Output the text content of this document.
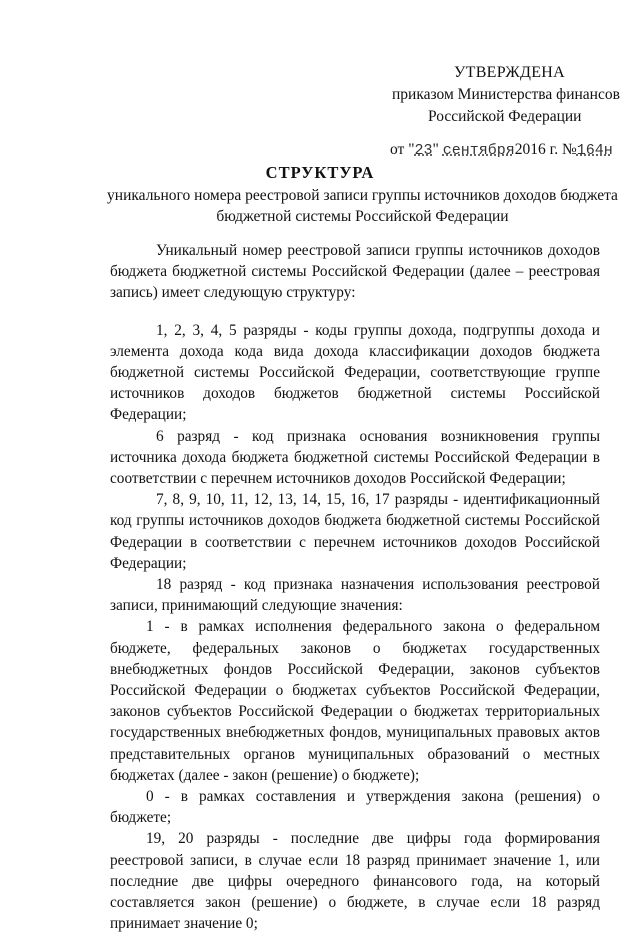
УТВЕРЖДЕНА
приказом Министерства финансов
Российской Федерации
от "23" сентября2016 г. №164н
СТРУКТУРА
уникального номера реестровой записи группы источников доходов бюджета бюджетной системы Российской Федерации

Уникальный номер реестровой записи группы источников доходов бюджета бюджетной системы Российской Федерации (далее – реестровая запись) имеет следующую структуру:

1, 2, 3, 4, 5 разряды - коды группы дохода, подгруппы дохода и элемента дохода кода вида дохода классификации доходов бюджета бюджетной системы Российской Федерации, соответствующие группе источников доходов бюджетов бюджетной системы Российской Федерации;

6 разряд - код признака основания возникновения группы источника дохода бюджета бюджетной системы Российской Федерации в соответствии с перечнем источников доходов Российской Федерации;

7, 8, 9, 10, 11, 12, 13, 14, 15, 16, 17 разряды - идентификационный код группы источников доходов бюджета бюджетной системы Российской Федерации в соответствии с перечнем источников доходов Российской Федерации;

18 разряд - код признака назначения использования реестровой записи, принимающий следующие значения:

1 - в рамках исполнения федерального закона о федеральном бюджете, федеральных законов о бюджетах государственных внебюджетных фондов Российской Федерации, законов субъектов Российской Федерации о бюджетах субъектов Российской Федерации, законов субъектов Российской Федерации о бюджетах территориальных государственных внебюджетных фондов, муниципальных правовых актов представительных органов муниципальных образований о местных бюджетах (далее - закон (решение) о бюджете);

0 - в рамках составления и утверждения закона (решения) о бюджете;

19, 20 разряды - последние две цифры года формирования реестровой записи, в случае если 18 разряд принимает значение 1, или последние две цифры очередного финансового года, на который составляется закон (решение) о бюджете, в случае если 18 разряд принимает значение 0;
